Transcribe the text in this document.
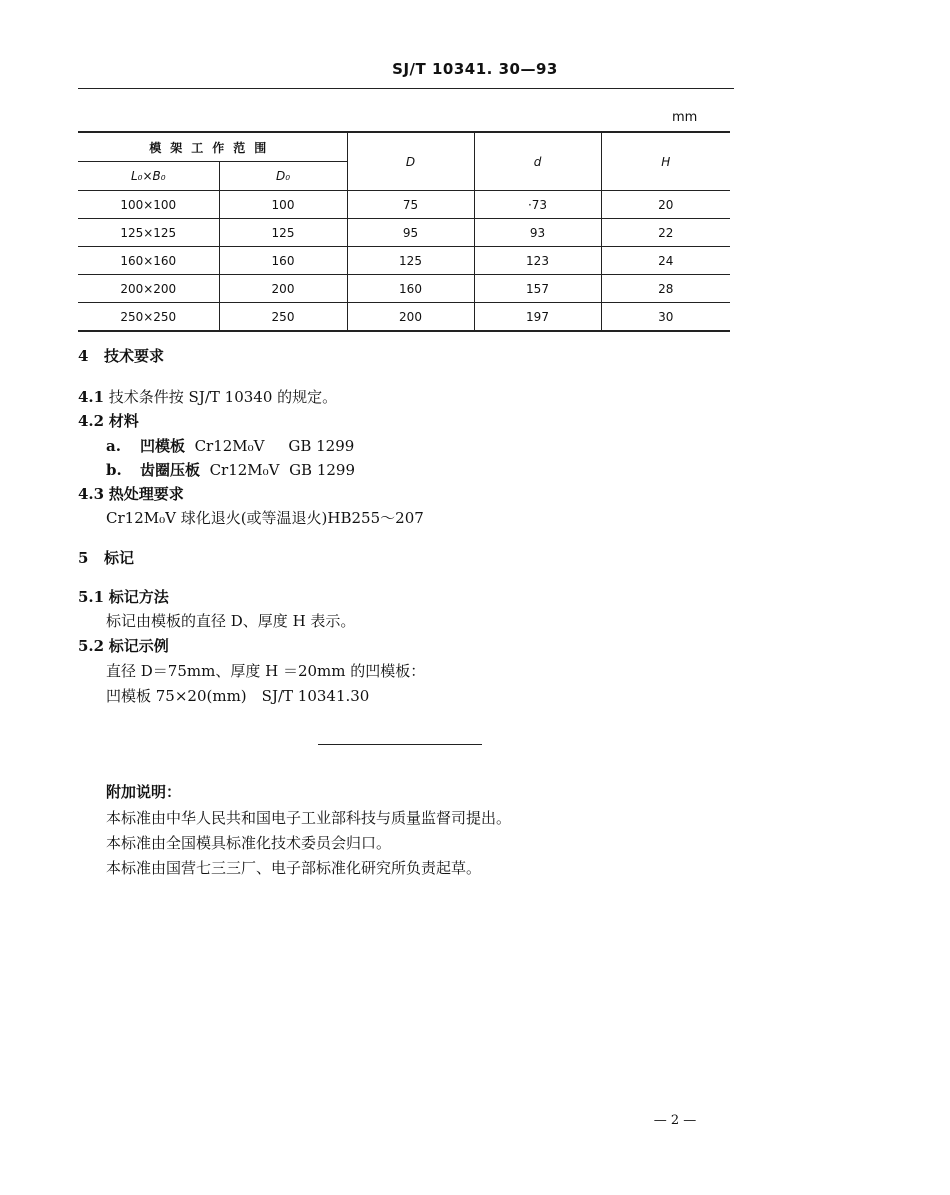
SJ/T 10341. 30—93
mm
模架工作范围		D	d	H
L₀×B₀	D₀			
100×100	100	75	·73	20
125×125	125	95	93	22
160×160	160	125	123	24
200×200	200	160	157	28
250×250	250	200	197	30
4 技术要求
4.1 技术条件按 SJ/T 10340 的规定。
4.2 材料
a. 凹模板 Cr12M₀V GB 1299
b. 齿圈压板 Cr12M₀V GB 1299
4.3 热处理要求
Cr12M₀V 球化退火(或等温退火)HB255～207
5 标记
5.1 标记方法
标记由模板的直径 D、厚度 H 表示。
5.2 标记示例
直径 D＝75mm、厚度 H ＝20mm 的凹模板：
凹模板 75×20(mm)　SJ/T 10341.30
附加说明：
本标准由中华人民共和国电子工业部科技与质量监督司提出。
本标准由全国模具标准化技术委员会归口。
本标准由国营七三三厂、电子部标准化研究所负责起草。
— 2 —
